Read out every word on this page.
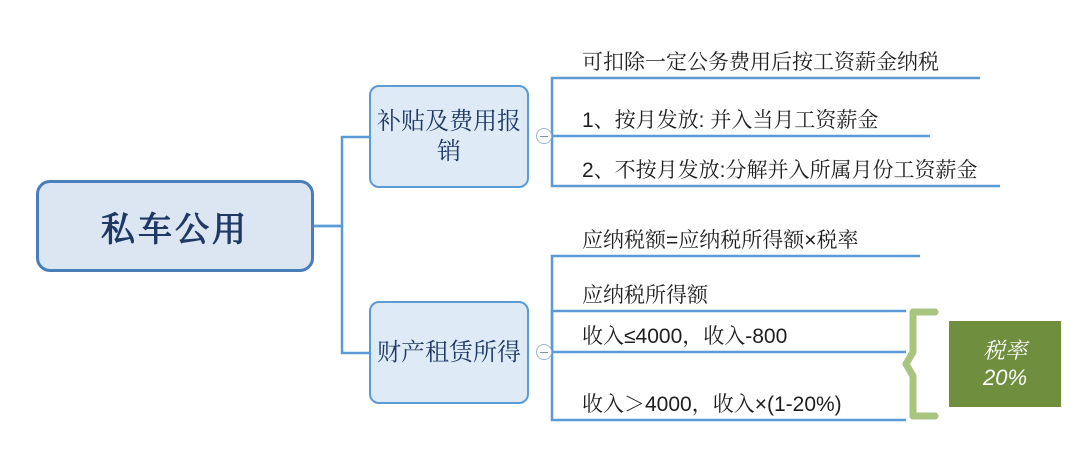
私车公用
补贴及费用报销
财产租赁所得
可扣除一定公务费用后按工资薪金纳税
1、按月发放: 并入当月工资薪金
2、不按月发放:分解并入所属月份工资薪金
应纳税额=应纳税所得额×税率
应纳税所得额
收入≤4000，收入-800
收入＞4000，收入×(1-20%)
税率
20%
